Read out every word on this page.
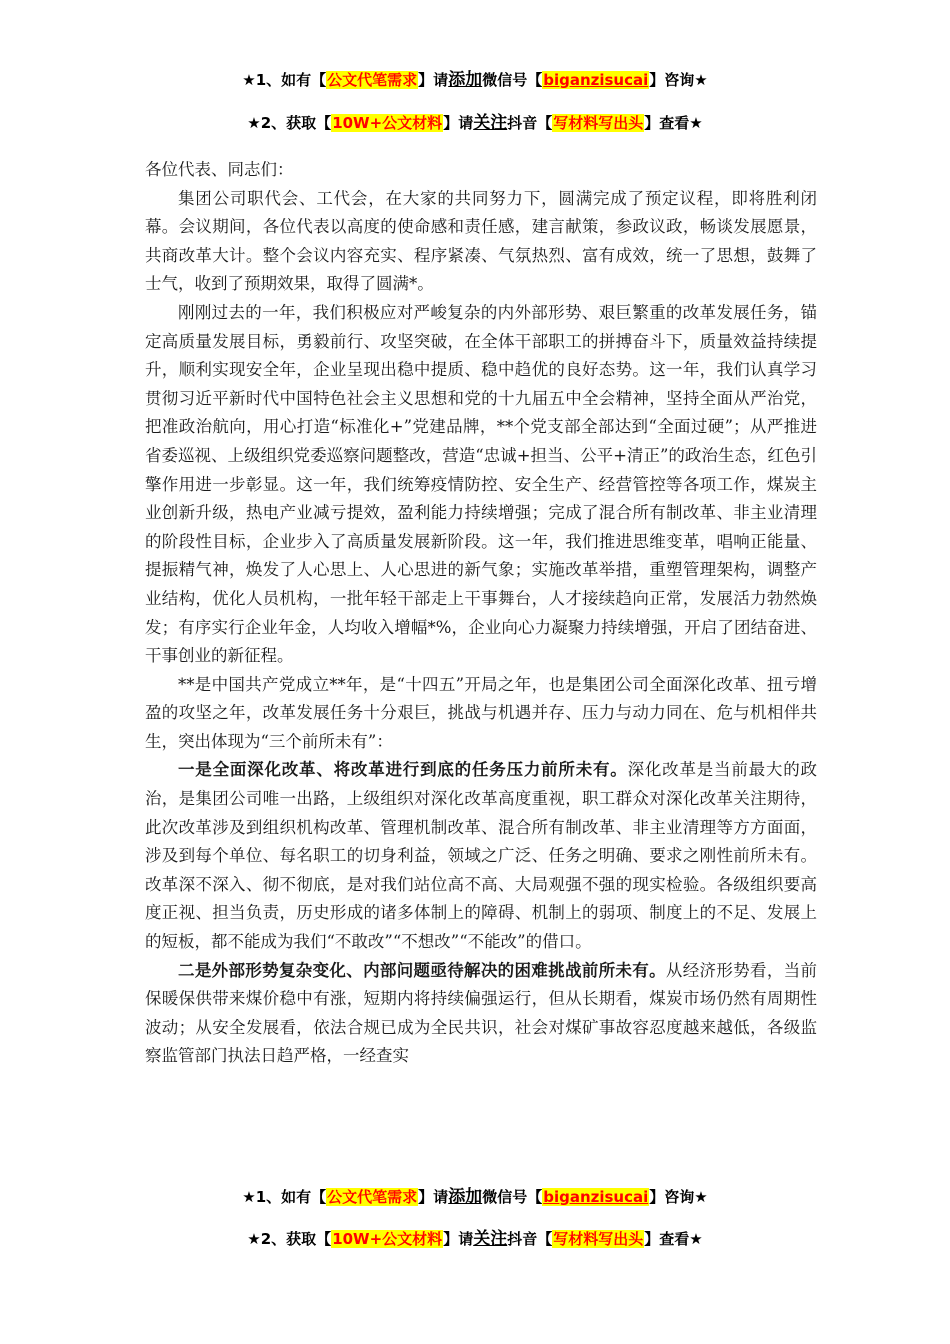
★1、如有【公文代笔需求】请添加微信号【biganzisucai】咨询★
★2、获取【10W+公文材料】请关注抖音【写材料写出头】查看★

各位代表、同志们：

集团公司职代会、工代会，在大家的共同努力下，圆满完成了预定议程，即将胜利闭幕。会议期间，各位代表以高度的使命感和责任感，建言献策，参政议政，畅谈发展愿景，共商改革大计。整个会议内容充实、程序紧凑、气氛热烈、富有成效，统一了思想，鼓舞了士气，收到了预期效果，取得了圆满*。

刚刚过去的一年，我们积极应对严峻复杂的内外部形势、艰巨繁重的改革发展任务，锚定高质量发展目标，勇毅前行、攻坚突破，在全体干部职工的拼搏奋斗下，质量效益持续提升，顺利实现安全年，企业呈现出稳中提质、稳中趋优的良好态势。这一年，我们认真学习贯彻习近平新时代中国特色社会主义思想和党的十九届五中全会精神，坚持全面从严治党，把准政治航向，用心打造“标准化+”党建品牌，**个党支部全部达到“全面过硬”；从严推进省委巡视、上级组织党委巡察问题整改，营造“忠诚+担当、公平+清正”的政治生态，红色引擎作用进一步彰显。这一年，我们统筹疫情防控、安全生产、经营管控等各项工作，煤炭主业创新升级，热电产业减亏提效，盈利能力持续增强；完成了混合所有制改革、非主业清理的阶段性目标，企业步入了高质量发展新阶段。这一年，我们推进思维变革，唱响正能量、提振精气神，焕发了人心思上、人心思进的新气象；实施改革举措，重塑管理架构，调整产业结构，优化人员机构，一批年轻干部走上干事舞台，人才接续趋向正常，发展活力勃然焕发；有序实行企业年金，人均收入增幅*%，企业向心力凝聚力持续增强，开启了团结奋进、干事创业的新征程。

**是中国共产党成立**年，是“十四五”开局之年，也是集团公司全面深化改革、扭亏增盈的攻坚之年，改革发展任务十分艰巨，挑战与机遇并存、压力与动力同在、危与机相伴共生，突出体现为“三个前所未有”：

一是全面深化改革、将改革进行到底的任务压力前所未有。深化改革是当前最大的政治，是集团公司唯一出路，上级组织对深化改革高度重视，职工群众对深化改革关注期待，此次改革涉及到组织机构改革、管理机制改革、混合所有制改革、非主业清理等方方面面，涉及到每个单位、每名职工的切身利益，领域之广泛、任务之明确、要求之刚性前所未有。改革深不深入、彻不彻底，是对我们站位高不高、大局观强不强的现实检验。各级组织要高度正视、担当负责，历史形成的诸多体制上的障碍、机制上的弱项、制度上的不足、发展上的短板，都不能成为我们“不敢改”“不想改”“不能改”的借口。

二是外部形势复杂变化、内部问题亟待解决的困难挑战前所未有。从经济形势看，当前保暖保供带来煤价稳中有涨，短期内将持续偏强运行，但从长期看，煤炭市场仍然有周期性波动；从安全发展看，依法合规已成为全民共识，社会对煤矿事故容忍度越来越低，各级监察监管部门执法日趋严格，一经查实

★1、如有【公文代笔需求】请添加微信号【biganzisucai】咨询★
★2、获取【10W+公文材料】请关注抖音【写材料写出头】查看★
